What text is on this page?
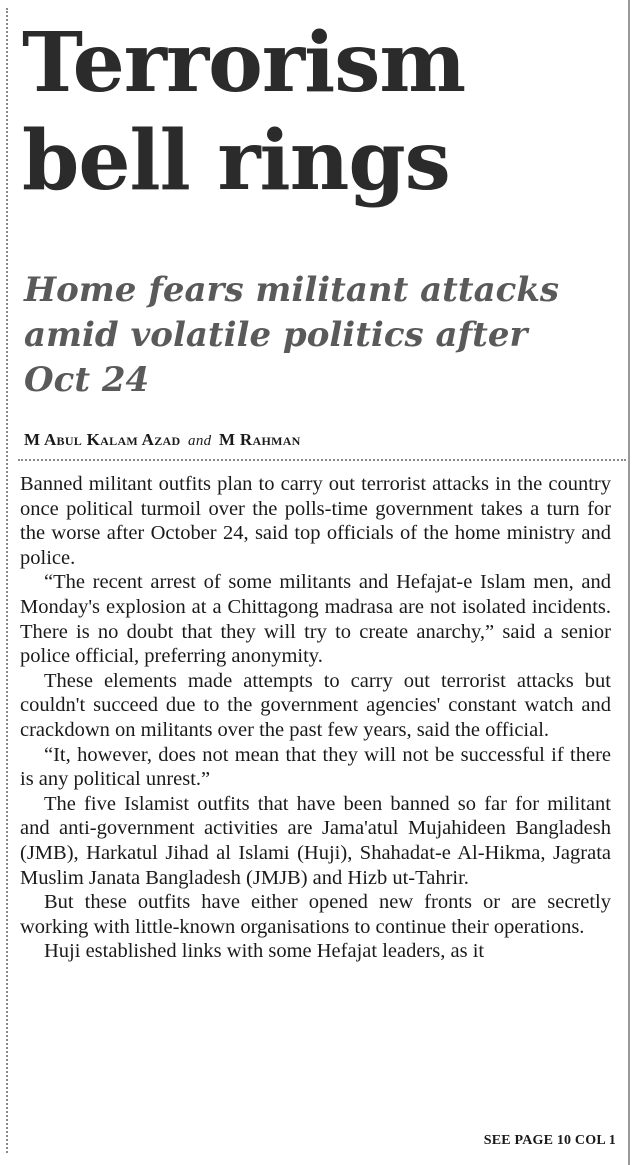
Terrorism bell rings
Home fears militant attacks amid volatile politics after Oct 24
M Abul Kalam Azad and M Rahman

Banned militant outfits plan to carry out terrorist attacks in the country once political turmoil over the polls-time government takes a turn for the worse after October 24, said top officials of the home ministry and police.

“The recent arrest of some militants and Hefajat-e Islam men, and Monday's explosion at a Chittagong madrasa are not isolated incidents. There is no doubt that they will try to create anarchy,” said a senior police official, preferring anonymity.

These elements made attempts to carry out terrorist attacks but couldn't succeed due to the government agencies' constant watch and crackdown on militants over the past few years, said the official.

“It, however, does not mean that they will not be successful if there is any political unrest.”

The five Islamist outfits that have been banned so far for militant and anti-government activities are Jama'atul Mujahideen Bangladesh (JMB), Harkatul Jihad al Islami (Huji), Shahadat-e Al-Hikma, Jagrata Muslim Janata Bangladesh (JMJB) and Hizb ut-Tahrir.

But these outfits have either opened new fronts or are secretly working with little-known organisations to continue their operations.

Huji established links with some Hefajat leaders, as it

SEE PAGE 10 COL 1
